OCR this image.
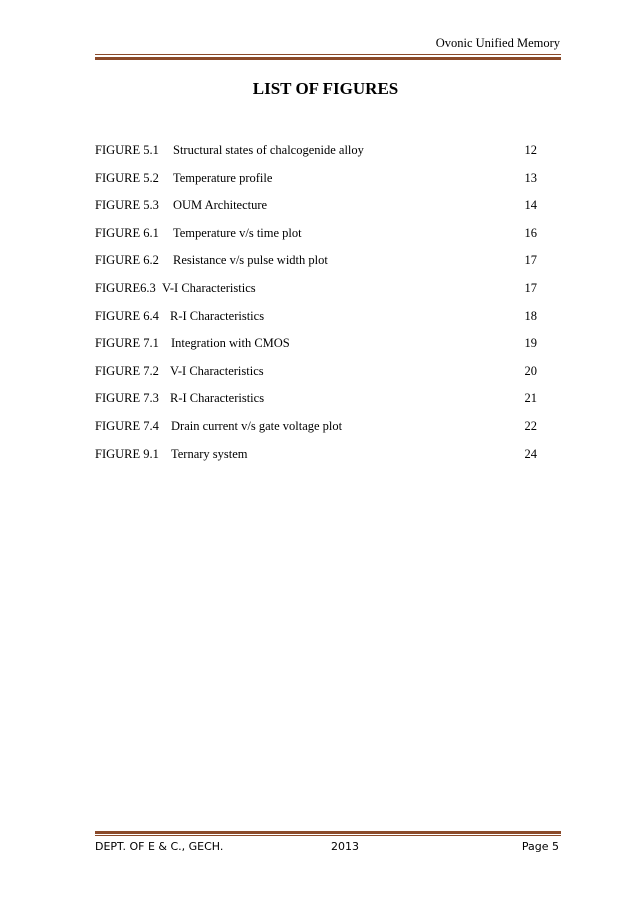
Ovonic Unified Memory
LIST OF FIGURES
FIGURE 5.1 Structural states of chalcogenide alloy	12
FIGURE 5.2 Temperature profile	13
FIGURE 5.3 OUM Architecture	14
FIGURE 6.1 Temperature v/s time plot	16
FIGURE 6.2 Resistance v/s pulse width plot	17
FIGURE6.3 V-I Characteristics	17
FIGURE 6.4 R-I Characteristics	18
FIGURE 7.1 Integration with CMOS	19
FIGURE 7.2 V-I Characteristics	20
FIGURE 7.3 R-I Characteristics	21
FIGURE 7.4 Drain current v/s gate voltage plot	22
FIGURE 9.1 Ternary system	24
DEPT. OF E & C., GECH.	2013	Page 5
